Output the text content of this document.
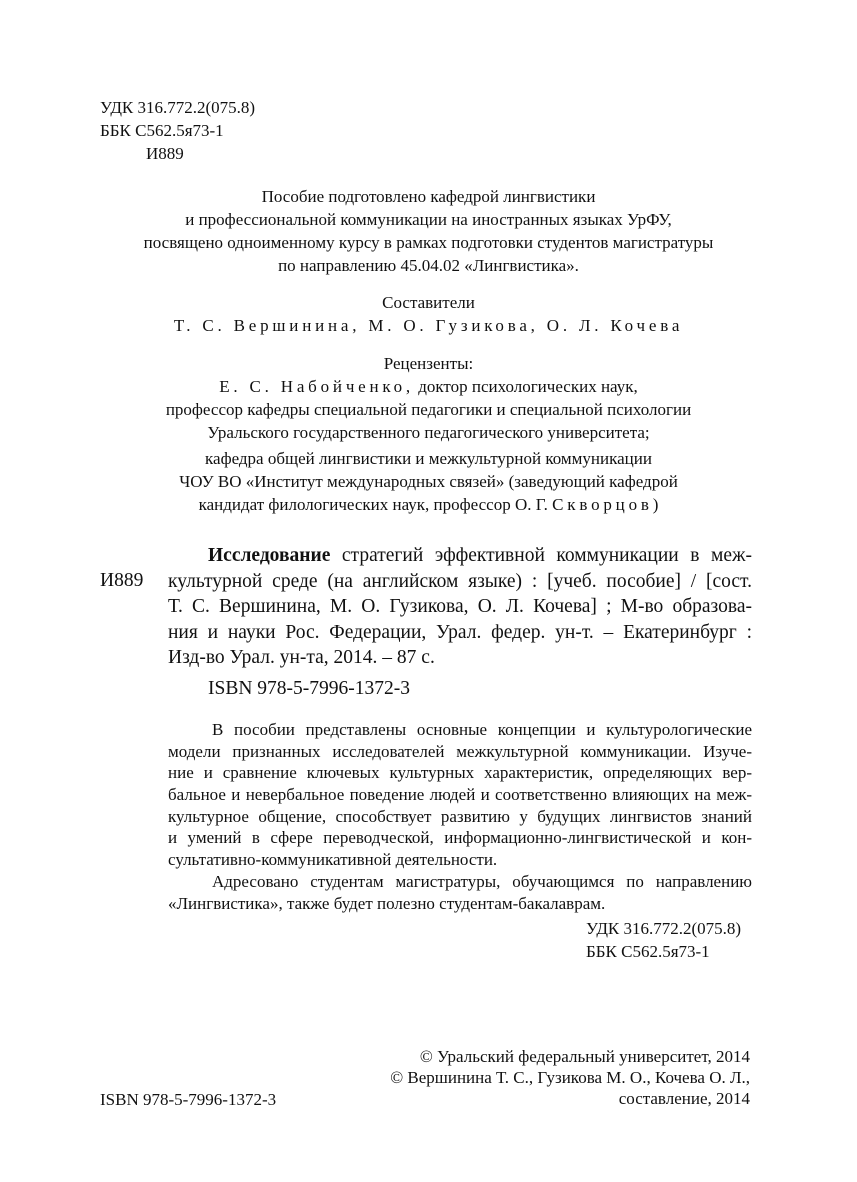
УДК 316.772.2(075.8)
ББК С562.5я73-1
И889
Пособие подготовлено кафедрой лингвистики
и профессиональной коммуникации на иностранных языках УрФУ,
посвящено одноименному курсу в рамках подготовки студентов магистратуры
по направлению 45.04.02 «Лингвистика».
Составители
Т. С. Вершинина, М. О. Гузикова, О. Л. Кочева
Рецензенты:
Е. С. Набойченко, доктор психологических наук,
профессор кафедры специальной педагогики и специальной психологии
Уральского государственного педагогического университета;
кафедра общей лингвистики и межкультурной коммуникации
ЧОУ ВО «Институт международных связей» (заведующий кафедрой
кандидат филологических наук, профессор О. Г. Скворцов)
И889
Исследование стратегий эффективной коммуникации в меж-
культурной среде (на английском языке) : [учеб. пособие] / [сост.
Т. С. Вершинина, М. О. Гузикова, О. Л. Кочева] ; М-во образова-
ния и науки Рос. Федерации, Урал. федер. ун-т. – Екатеринбург :
Изд-во Урал. ун-та, 2014. – 87 с.
ISBN 978-5-7996-1372-3
В пособии представлены основные концепции и культурологические
модели признанных исследователей межкультурной коммуникации. Изуче-
ние и сравнение ключевых культурных характеристик, определяющих вер-
бальное и невербальное поведение людей и соответственно влияющих на меж-
культурное общение, способствует развитию у будущих лингвистов знаний
и умений в сфере переводческой, информационно-лингвистической и кон-
сультативно-коммуникативной деятельности.
Адресовано студентам магистратуры, обучающимся по направлению
«Лингвистика», также будет полезно студентам-бакалаврам.
УДК 316.772.2(075.8)
ББК С562.5я73-1
© Уральский федеральный университет, 2014
© Вершинина Т. С., Гузикова М. О., Кочева О. Л.,
составление, 2014
ISBN 978-5-7996-1372-3
